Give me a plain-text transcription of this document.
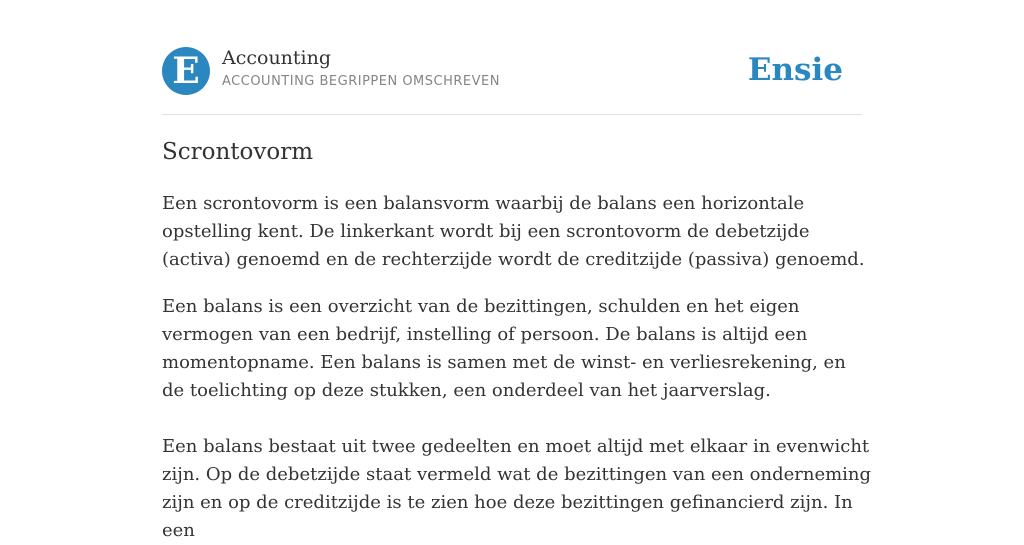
E	Accounting
ACCOUNTING BEGRIPPEN OMSCHREVEN	Ensie
Scrontovorm

Een scrontovorm is een balansvorm waarbij de balans een horizontale opstelling kent. De linkerkant wordt bij een scrontovorm de debetzijde (activa) genoemd en de rechterzijde wordt de creditzijde (passiva) genoemd.

Een balans is een overzicht van de bezittingen, schulden en het eigen vermogen van een bedrijf, instelling of persoon. De balans is altijd een momentopname. Een balans is samen met de winst- en verliesrekening, en de toelichting op deze stukken, een onderdeel van het jaarverslag.

Een balans bestaat uit twee gedeelten en moet altijd met elkaar in evenwicht zijn. Op de debetzijde staat vermeld wat de bezittingen van een onderneming zijn en op de creditzijde is te zien hoe deze bezittingen gefinancierd zijn. In een
